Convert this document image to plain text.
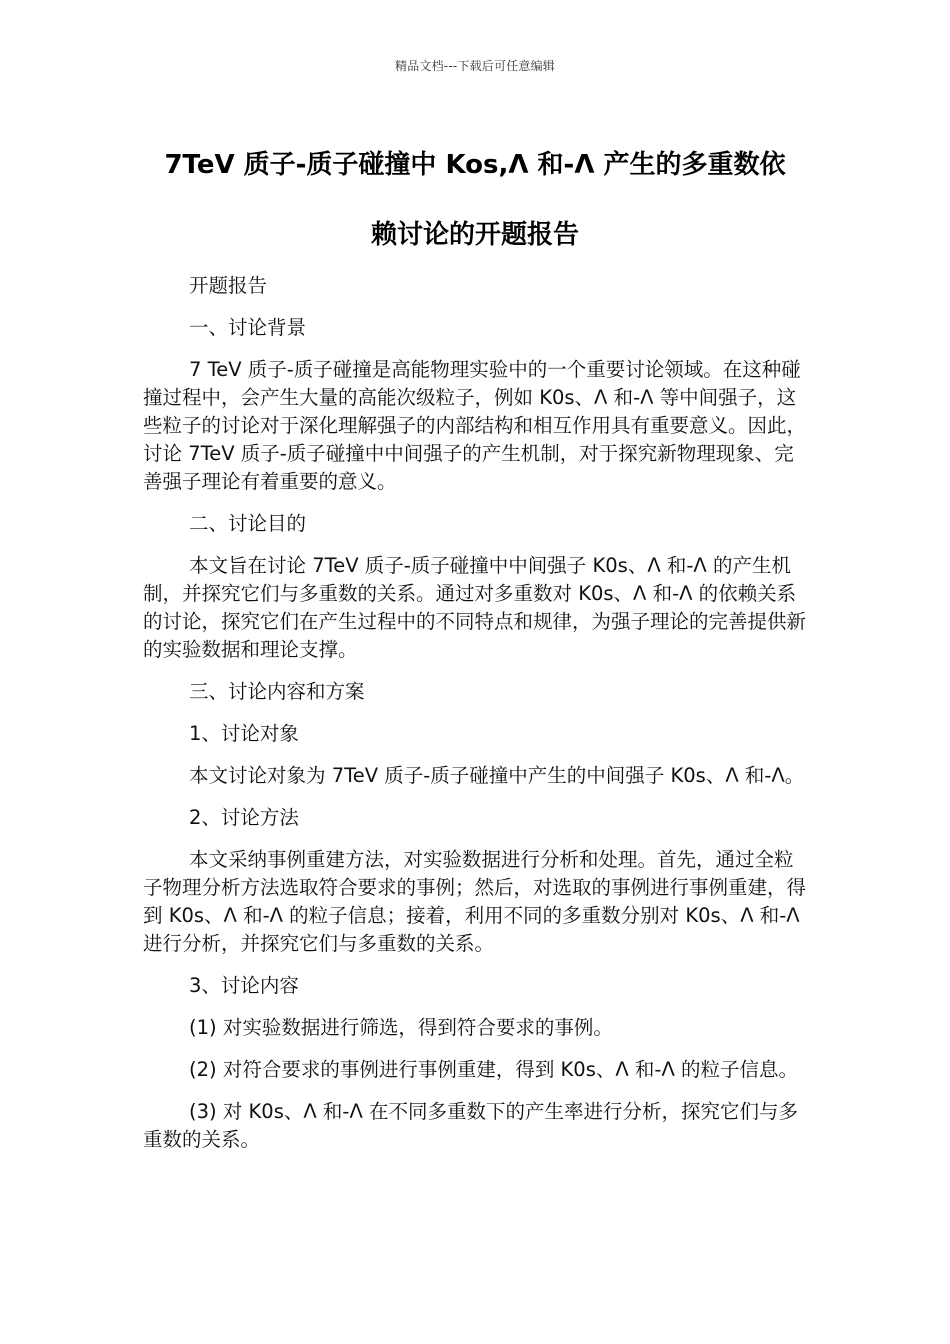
精品文档---下载后可任意编辑
7TeV 质子-质子碰撞中 Kos,Λ 和-Λ 产生的多重数依
赖讨论的开题报告

开题报告

一、讨论背景

7 TeV 质子-质子碰撞是高能物理实验中的一个重要讨论领域。在这种碰撞过程中，会产生大量的高能次级粒子，例如 K0s、Λ 和-Λ 等中间强子，这些粒子的讨论对于深化理解强子的内部结构和相互作用具有重要意义。因此，讨论 7TeV 质子-质子碰撞中中间强子的产生机制，对于探究新物理现象、完善强子理论有着重要的意义。

二、讨论目的

本文旨在讨论 7TeV 质子-质子碰撞中中间强子 K0s、Λ 和-Λ 的产生机制，并探究它们与多重数的关系。通过对多重数对 K0s、Λ 和-Λ 的依赖关系的讨论，探究它们在产生过程中的不同特点和规律，为强子理论的完善提供新的实验数据和理论支撑。

三、讨论内容和方案

1、讨论对象

本文讨论对象为 7TeV 质子-质子碰撞中产生的中间强子 K0s、Λ 和-Λ。

2、讨论方法

本文采纳事例重建方法，对实验数据进行分析和处理。首先，通过全粒子物理分析方法选取符合要求的事例；然后，对选取的事例进行事例重建，得到 K0s、Λ 和-Λ 的粒子信息；接着，利用不同的多重数分别对 K0s、Λ 和-Λ 进行分析，并探究它们与多重数的关系。

3、讨论内容

(1) 对实验数据进行筛选，得到符合要求的事例。

(2) 对符合要求的事例进行事例重建，得到 K0s、Λ 和-Λ 的粒子信息。

(3) 对 K0s、Λ 和-Λ 在不同多重数下的产生率进行分析，探究它们与多重数的关系。
